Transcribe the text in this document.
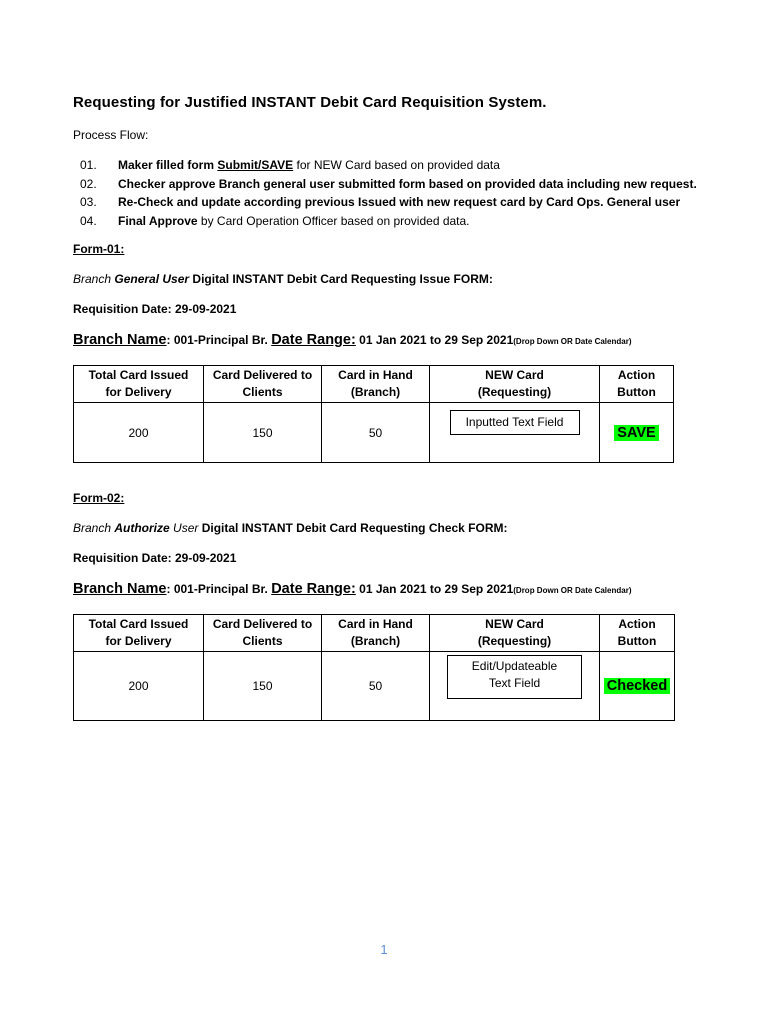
Requesting for Justified INSTANT Debit Card Requisition System.
Process Flow:
01. Maker filled form Submit/SAVE for NEW Card based on provided data
02. Checker approve Branch general user submitted form based on provided data including new request.
03. Re-Check and update according previous Issued with new request card by Card Ops. General user
04. Final Approve by Card Operation Officer based on provided data.
Form-01:
Branch General User Digital INSTANT Debit Card Requesting Issue FORM:
Requisition Date: 29-09-2021
Branch Name: 001-Principal Br. Date Range: 01 Jan 2021 to 29 Sep 2021(Drop Down OR Date Calendar)
Total Card Issued
for Delivery	Card Delivered to
Clients	Card in Hand
(Branch)	NEW Card
(Requesting)	Action
Button
200	150	50	Inputted Text Field	SAVE
Form-02:
Branch Authorize User Digital INSTANT Debit Card Requesting Check FORM:
Requisition Date: 29-09-2021
Branch Name: 001-Principal Br. Date Range: 01 Jan 2021 to 29 Sep 2021(Drop Down OR Date Calendar)
Total Card Issued
for Delivery	Card Delivered to
Clients	Card in Hand
(Branch)	NEW Card
(Requesting)	Action
Button
200	150	50	Edit/Updateable
Text Field	Checked
1
